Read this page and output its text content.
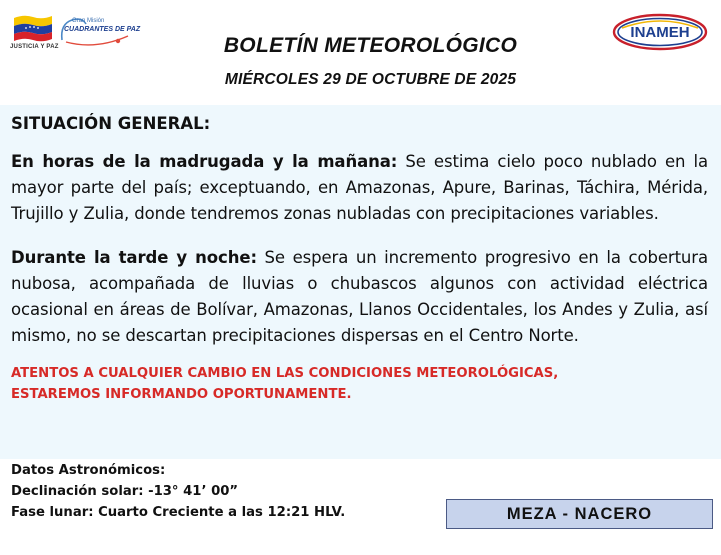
JUSTICIA Y PAZ
Gran Misión
CUADRANTES DE PAZ
BOLETÍN METEOROLÓGICO
MIÉRCOLES 29 DE OCTUBRE DE 2025
INAMEH
SITUACIÓN GENERAL:

En horas de la madrugada y la mañana: Se estima cielo poco nublado en la mayor parte del país; exceptuando, en Amazonas, Apure, Barinas, Táchira, Mérida, Trujillo y Zulia, donde tendremos zonas nubladas con precipitaciones variables.

Durante la tarde y noche: Se espera un incremento progresivo en la cobertura nubosa, acompañada de lluvias o chubascos algunos con actividad eléctrica ocasional en áreas de Bolívar, Amazonas, Llanos Occidentales, los Andes y Zulia, así mismo, no se descartan precipitaciones dispersas en el Centro Norte.

ATENTOS A CUALQUIER CAMBIO EN LAS CONDICIONES METEOROLÓGICAS,
ESTAREMOS INFORMANDO OPORTUNAMENTE.
Datos Astronómicos:
Declinación solar: -13° 41’ 00”
Fase lunar: Cuarto Creciente a las 12:21 HLV.	MEZA - NACERO
